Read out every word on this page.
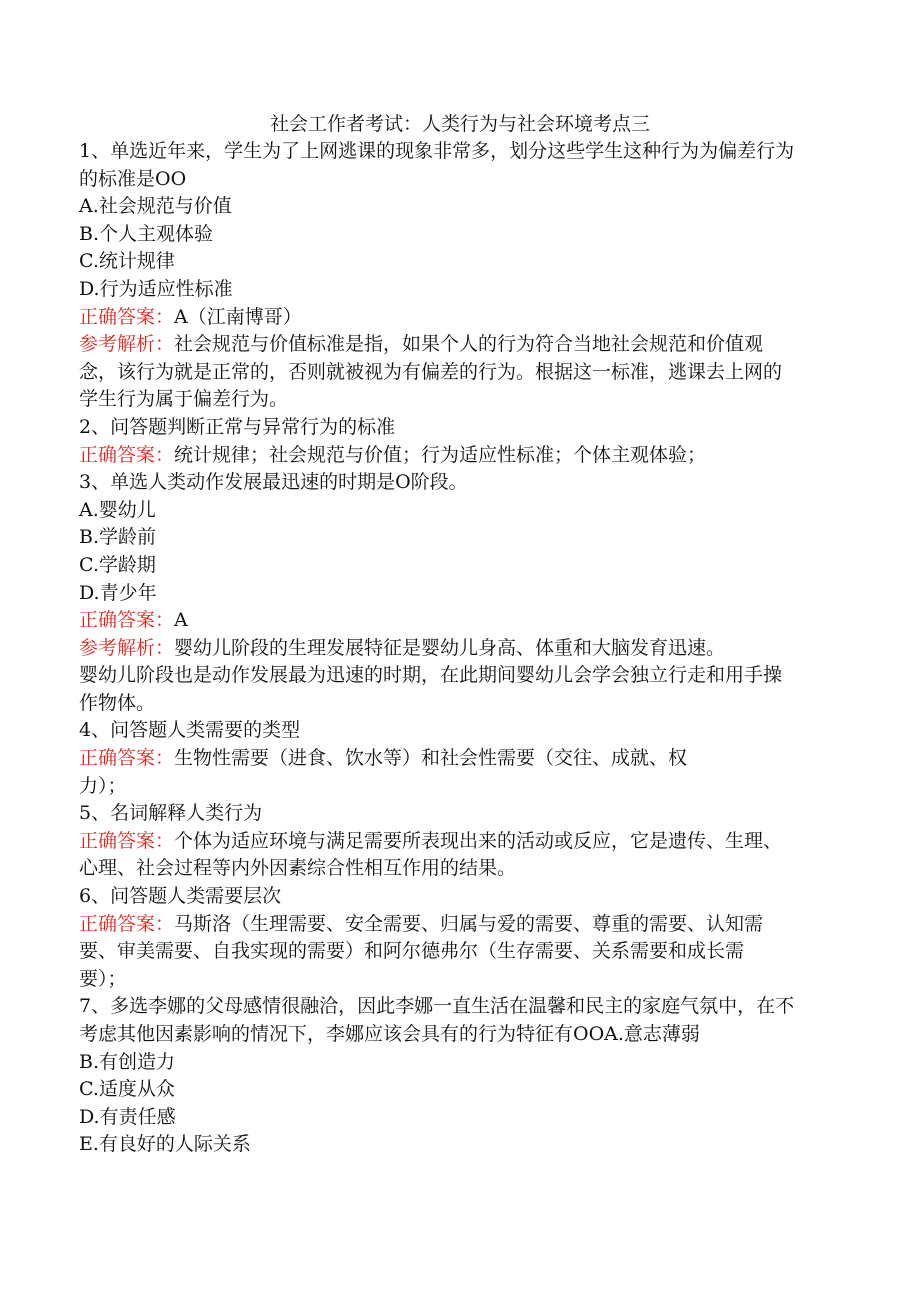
社会工作者考试：人类行为与社会环境考点三

1、单选近年来，学生为了上网逃课的现象非常多，划分这些学生这种行为为偏差行为

的标准是OO

A.社会规范与价值

B.个人主观体验

C.统计规律

D.行为适应性标准

正确答案：A（江南博哥）

参考解析：社会规范与价值标准是指，如果个人的行为符合当地社会规范和价值观

念，该行为就是正常的，否则就被视为有偏差的行为。根据这一标准，逃课去上网的

学生行为属于偏差行为。

2、问答题判断正常与异常行为的标准

正确答案：统计规律；社会规范与价值；行为适应性标准；个体主观体验；

3、单选人类动作发展最迅速的时期是O阶段。

A.婴幼儿

B.学龄前

C.学龄期

D.青少年

正确答案：A

参考解析：婴幼儿阶段的生理发展特征是婴幼儿身高、体重和大脑发育迅速。

婴幼儿阶段也是动作发展最为迅速的时期，在此期间婴幼儿会学会独立行走和用手操

作物体。

4、问答题人类需要的类型

正确答案：生物性需要（进食、饮水等）和社会性需要（交往、成就、权

力）；

5、名词解释人类行为

正确答案：个体为适应环境与满足需要所表现出来的活动或反应，它是遗传、生理、

心理、社会过程等内外因素综合性相互作用的结果。

6、问答题人类需要层次

正确答案：马斯洛（生理需要、安全需要、归属与爱的需要、尊重的需要、认知需

要、审美需要、自我实现的需要）和阿尔德弗尔（生存需要、关系需要和成长需

要）；

7、多选李娜的父母感情很融洽，因此李娜一直生活在温馨和民主的家庭气氛中，在不

考虑其他因素影响的情况下，李娜应该会具有的行为特征有OOA.意志薄弱

B.有创造力

C.适度从众

D.有责任感

E.有良好的人际关系
